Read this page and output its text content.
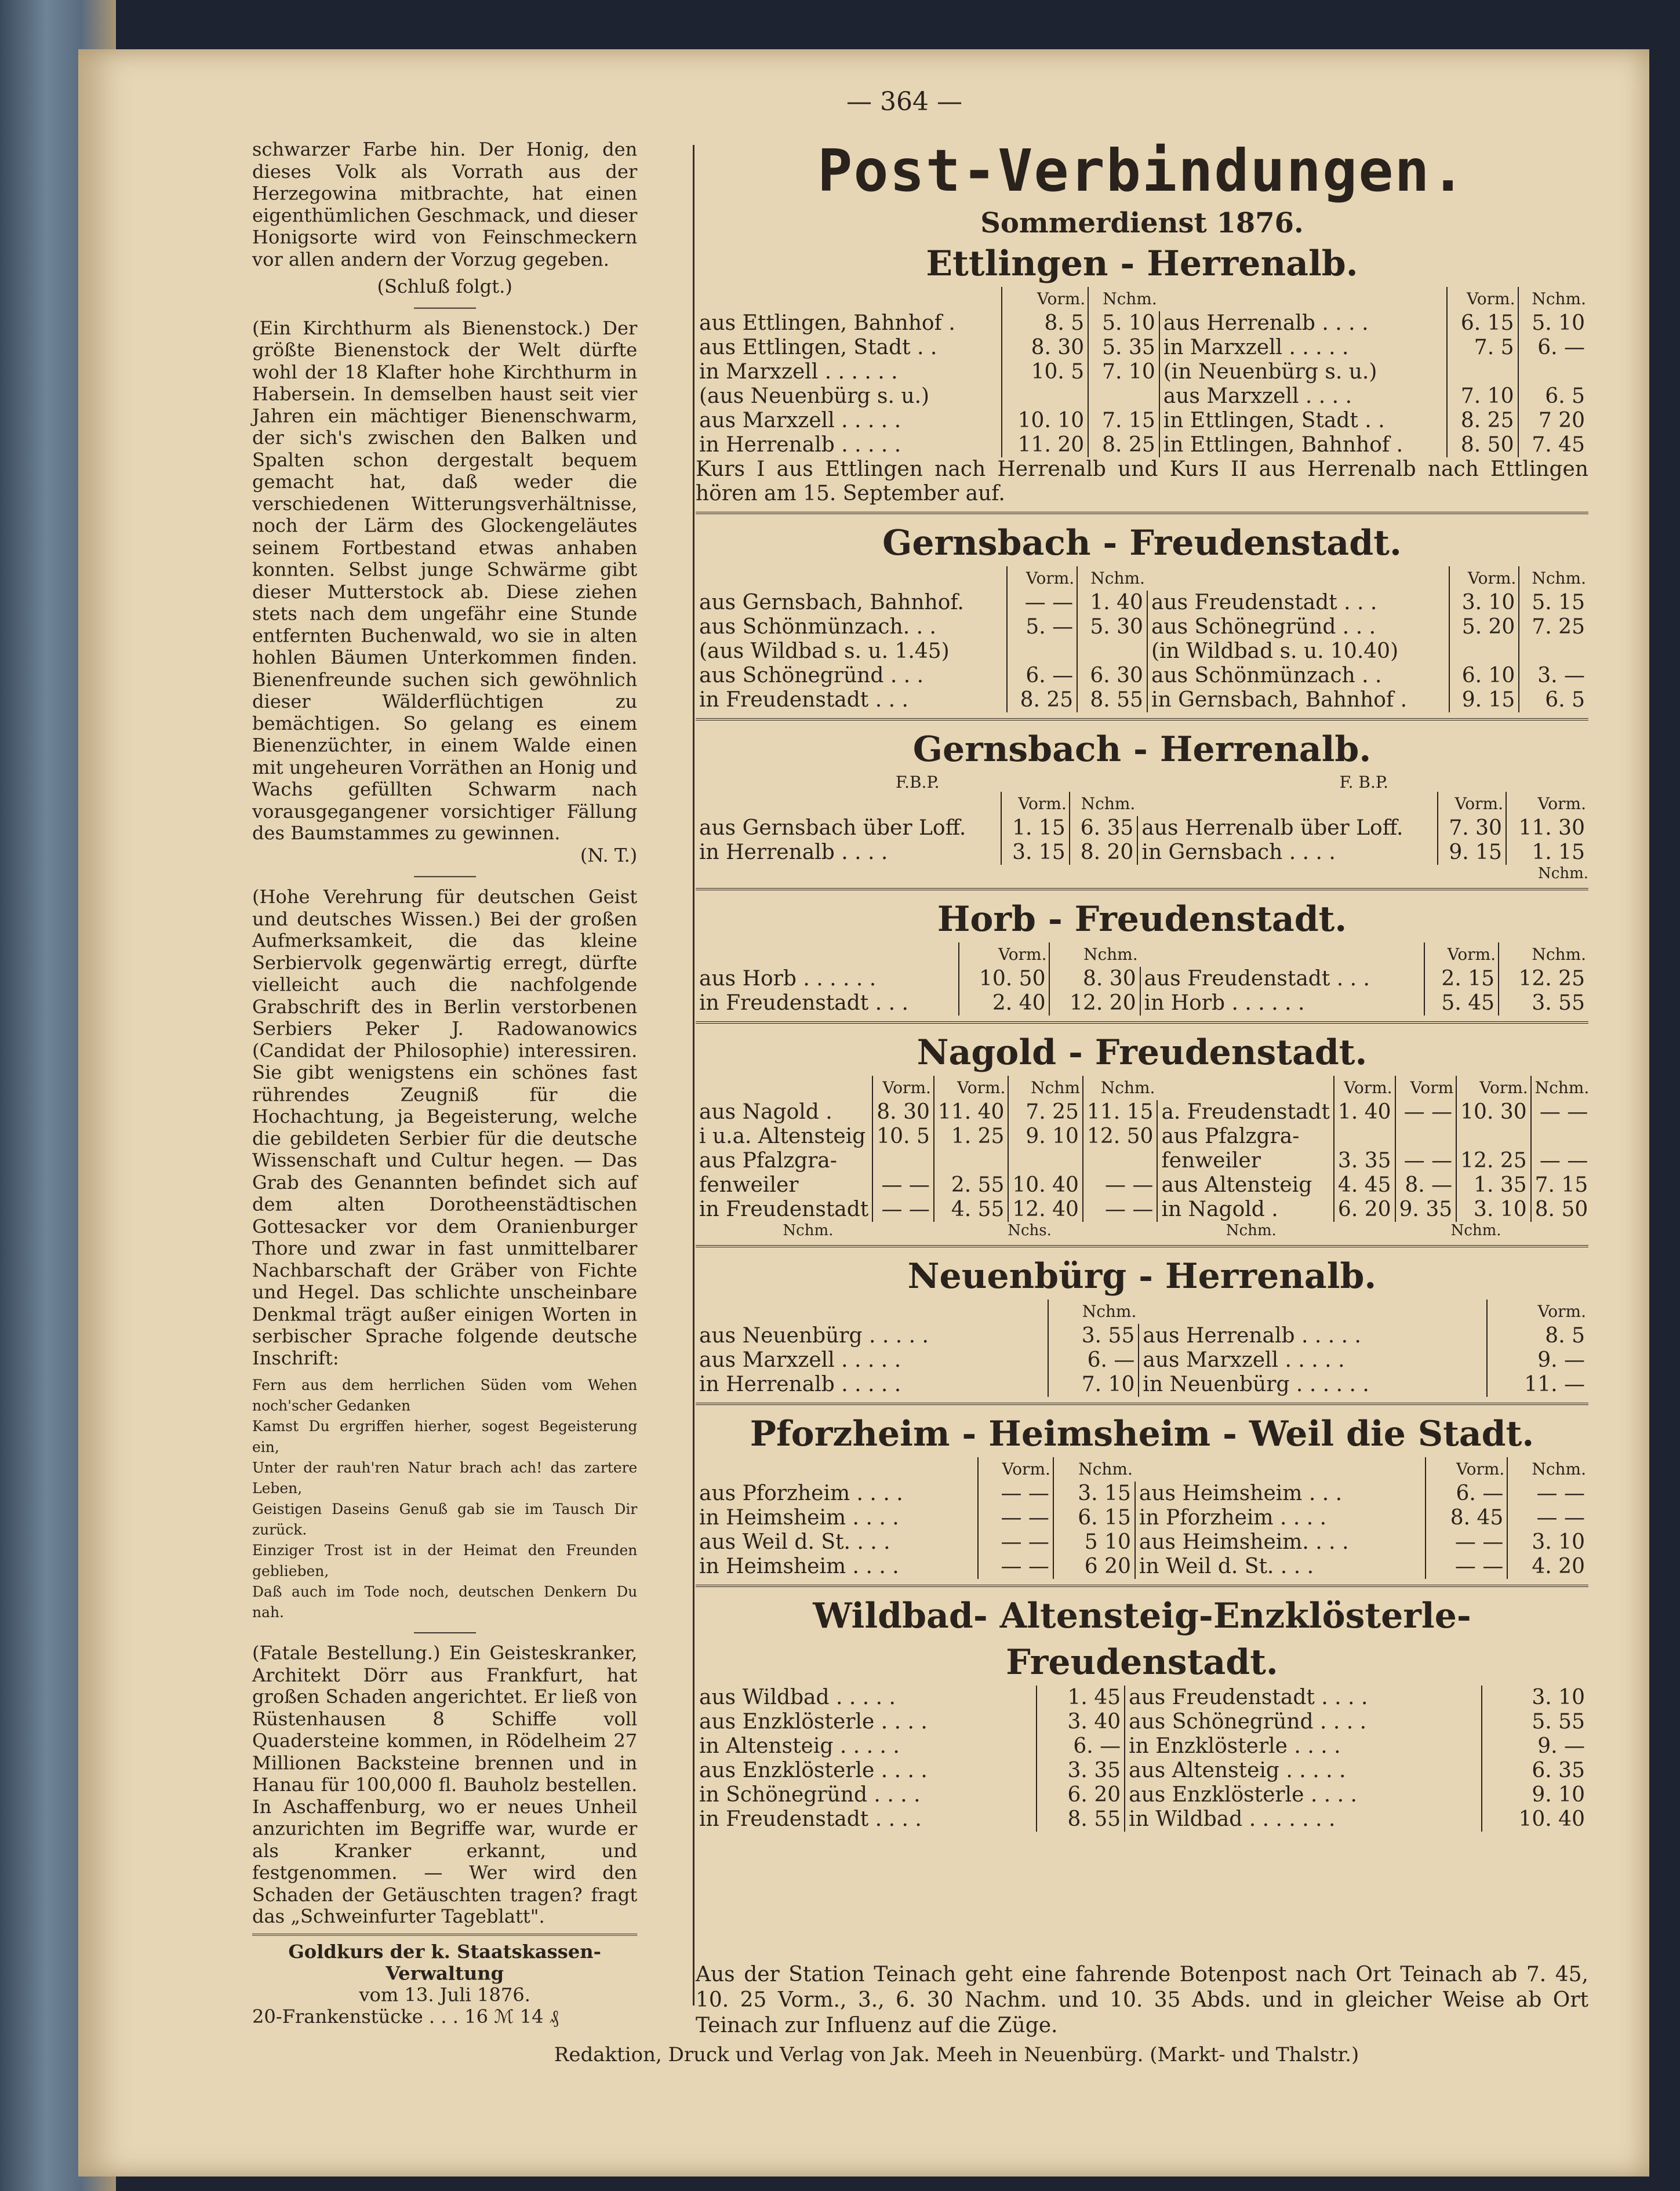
— 364 —

schwarzer Farbe hin. Der Honig, den dieses Volk als Vorrath aus der Herzegowina mitbrachte, hat einen eigenthümlichen Geschmack, und dieser Honigsorte wird von Feinschmeckern vor allen andern der Vorzug gegeben.

(Schluß folgt.)

(Ein Kirchthurm als Bienenstock.) Der größte Bienenstock der Welt dürfte wohl der 18 Klafter hohe Kirchthurm in Habersein. In demselben haust seit vier Jahren ein mächtiger Bienenschwarm, der sich's zwischen den Balken und Spalten schon dergestalt bequem gemacht hat, daß weder die verschiedenen Witterungsverhältnisse, noch der Lärm des Glockengeläutes seinem Fortbestand etwas anhaben konnten. Selbst junge Schwärme gibt dieser Mutterstock ab. Diese ziehen stets nach dem ungefähr eine Stunde entfernten Buchenwald, wo sie in alten hohlen Bäumen Unterkommen finden. Bienenfreunde suchen sich gewöhnlich dieser Wälderflüchtigen zu bemächtigen. So gelang es einem Bienenzüchter, in einem Walde einen mit ungeheuren Vorräthen an Honig und Wachs gefüllten Schwarm nach vorausgegangener vorsichtiger Fällung des Baumstammes zu gewinnen.

(N. T.)

(Hohe Verehrung für deutschen Geist und deutsches Wissen.) Bei der großen Aufmerksamkeit, die das kleine Serbiervolk gegenwärtig erregt, dürfte vielleicht auch die nachfolgende Grabschrift des in Berlin verstorbenen Serbiers Peker J. Radowanowics (Candidat der Philosophie) interessiren. Sie gibt wenigstens ein schönes fast rührendes Zeugniß für die Hochachtung, ja Begeisterung, welche die gebildeten Serbier für die deutsche Wissenschaft und Cultur hegen. — Das Grab des Genannten befindet sich auf dem alten Dorotheenstädtischen Gottesacker vor dem Oranienburger Thore und zwar in fast unmittelbarer Nachbarschaft der Gräber von Fichte und Hegel. Das schlichte unscheinbare Denkmal trägt außer einigen Worten in serbischer Sprache folgende deutsche Inschrift:

Fern aus dem herrlichen Süden vom Wehen noch'scher Gedanken
Kamst Du ergriffen hierher, sogest Begeisterung ein,
Unter der rauh'ren Natur brach ach! das zartere Leben,
Geistigen Daseins Genuß gab sie im Tausch Dir zurück.
Einziger Trost ist in der Heimat den Freunden geblieben,
Daß auch im Tode noch, deutschen Denkern Du nah.

(Fatale Bestellung.) Ein Geisteskranker, Architekt Dörr aus Frankfurt, hat großen Schaden angerichtet. Er ließ von Rüstenhausen 8 Schiffe voll Quadersteine kommen, in Rödelheim 27 Millionen Backsteine brennen und in Hanau für 100,000 fl. Bauholz bestellen. In Aschaffenburg, wo er neues Unheil anzurichten im Begriffe war, wurde er als Kranker erkannt, und festgenommen. — Wer wird den Schaden der Getäuschten tragen? fragt das „Schweinfurter Tageblatt".

Goldkurs der k. Staatskassen-Verwaltung
vom 13. Juli 1876.
20-Frankenstücke . . . 16 ℳ 14 ₰
Post-Verbindungen.
Sommerdienst 1876.
Ettlingen - Herrenalb.
	Vorm.	Nchm.		Vorm.	Nchm.
aus Ettlingen, Bahnhof .	8. 5	5. 10	aus Herrenalb . . . .	6. 15	5. 10
aus Ettlingen, Stadt . .	8. 30	5. 35	in Marxzell . . . . .	7. 5	6. —
in Marxzell . . . . . .	10. 5	7. 10	(in Neuenbürg s. u.)		
(aus Neuenbürg s. u.)			aus Marxzell . . . .	7. 10	6. 5
aus Marxzell . . . . .	10. 10	7. 15	in Ettlingen, Stadt . .	8. 25	7 20
in Herrenalb . . . . .	11. 20	8. 25	in Ettlingen, Bahnhof .	8. 50	7. 45
Kurs I aus Ettlingen nach Herrenalb und Kurs II aus Herrenalb nach Ettlingen hören am 15. September auf.
Gernsbach - Freudenstadt.
	Vorm.	Nchm.		Vorm.	Nchm.
aus Gernsbach, Bahnhof.	— —	1. 40	aus Freudenstadt . . .	3. 10	5. 15
aus Schönmünzach. . .	5. —	5. 30	aus Schönegründ . . .	5. 20	7. 25
(aus Wildbad s. u. 1.45)			(in Wildbad s. u. 10.40)		
aus Schönegründ . . .	6. —	6. 30	aus Schönmünzach . .	6. 10	3. —
in Freudenstadt . . .	8. 25	8. 55	in Gernsbach, Bahnhof .	9. 15	6. 5
Gernsbach - Herrenalb.
F.B.P.	F. B.P.
	Vorm.	Nchm.		Vorm.	Vorm.
aus Gernsbach über Loff.	1. 15	6. 35	aus Herrenalb über Loff.	7. 30	11. 30
in Herrenalb . . . .	3. 15	8. 20	in Gernsbach . . . .	9. 15	1. 15
Nchm.
Horb - Freudenstadt.
	Vorm.	Nchm.		Vorm.	Nchm.
aus Horb . . . . . .	10. 50	8. 30	aus Freudenstadt . . .	2. 15	12. 25
in Freudenstadt . . .	2. 40	12. 20	in Horb . . . . . .	5. 45	3. 55
Nagold - Freudenstadt.
	Vorm.	Vorm.	Nchm	Nchm.		Vorm.	Vorm	Vorm.	Nchm.
aus Nagold .	8. 30	11. 40	7. 25	11. 15	a. Freudenstadt	1. 40	— —	10. 30	— —
i u.a. Altensteig	10. 5	1. 25	9. 10	12. 50	aus Pfalzgra-				
aus Pfalzgra-					fenweiler	3. 35	— —	12. 25	— —
fenweiler	— —	2. 55	10. 40	— —	aus Altensteig	4. 45	8. —	1. 35	7. 15
in Freudenstadt	— —	4. 55	12. 40	— —	in Nagold .	6. 20	9. 35	3. 10	8. 50
Nchm.	Nchs.	Nchm.	Nchm.
Neuenbürg - Herrenalb.
	Nchm.		Vorm.
aus Neuenbürg . . . . .	3. 55	aus Herrenalb . . . . .	8. 5
aus Marxzell . . . . .	6. —	aus Marxzell . . . . .	9. —
in Herrenalb . . . . .	7. 10	in Neuenbürg . . . . . .	11. —
Pforzheim - Heimsheim - Weil die Stadt.
	Vorm.	Nchm.		Vorm.	Nchm.
aus Pforzheim . . . .	— —	3. 15	aus Heimsheim . . .	6. —	— —
in Heimsheim . . . .	— —	6. 15	in Pforzheim . . . .	8. 45	— —
aus Weil d. St. . . .	— —	5 10	aus Heimsheim. . . .	— —	3. 10
in Heimsheim . . . .	— —	6 20	in Weil d. St. . . .	— —	4. 20
Wildbad- Altensteig-Enzklösterle- Freudenstadt.

aus Wildbad . . . . .	1. 45	aus Freudenstadt . . . .	3. 10
aus Enzklösterle . . . .	3. 40	aus Schönegründ . . . .	5. 55
in Altensteig . . . . .	6. —	in Enzklösterle . . . .	9. —
aus Enzklösterle . . . .	3. 35	aus Altensteig . . . . .	6. 35
in Schönegründ . . . .	6. 20	aus Enzklösterle . . . .	9. 10
in Freudenstadt . . . .	8. 55	in Wildbad . . . . . . .	10. 40
Aus der Station Teinach geht eine fahrende Botenpost nach Ort Teinach ab 7. 45, 10. 25 Vorm., 3., 6. 30 Nachm. und 10. 35 Abds. und in gleicher Weise ab Ort Teinach zur Influenz auf die Züge.
Redaktion, Druck und Verlag von Jak. Meeh in Neuenbürg. (Markt- und Thalstr.)
